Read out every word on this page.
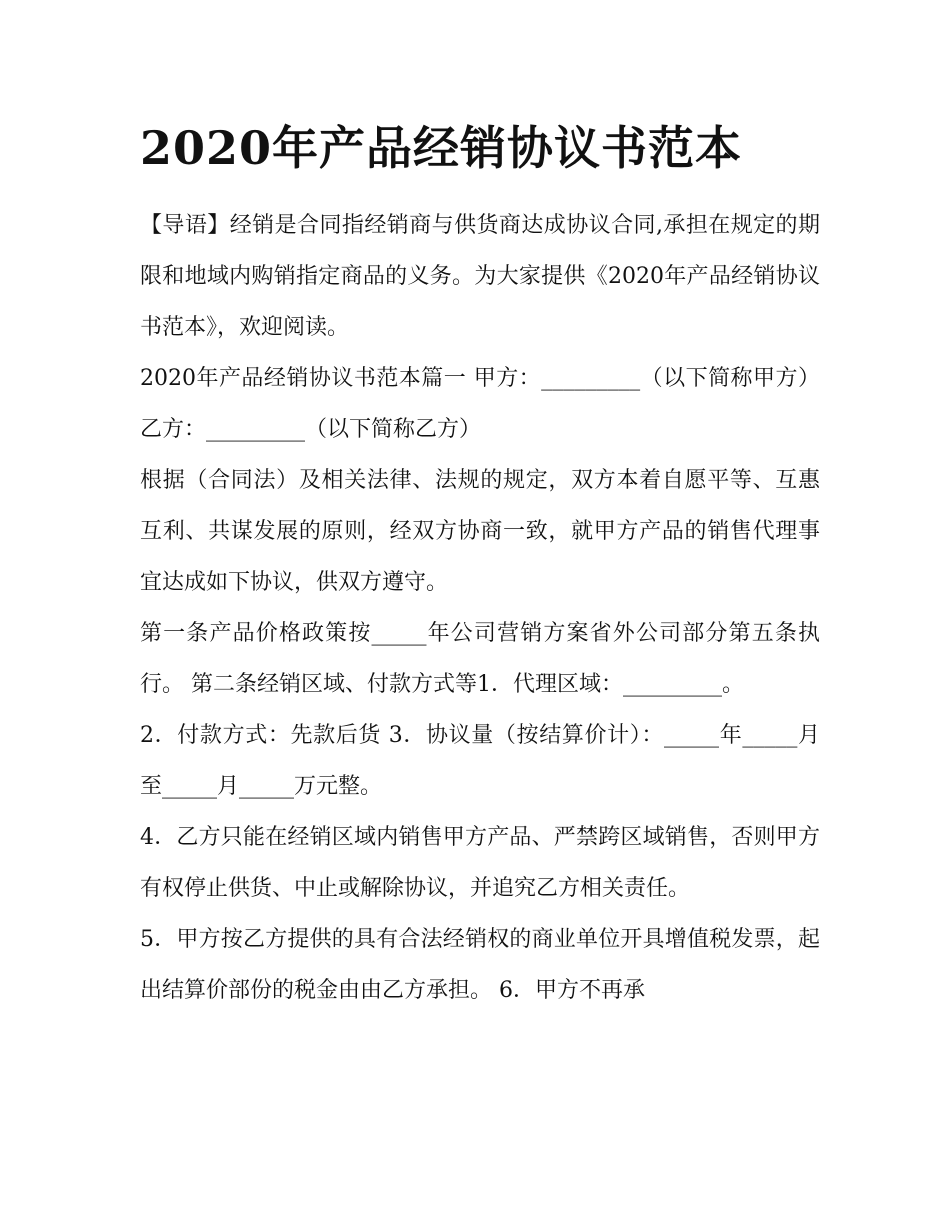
2020年产品经销协议书范本

【导语】经销是合同指经销商与供货商达成协议合同,承担在规定的期限和地域内购销指定商品的义务。为大家提供《2020年产品经销协议书范本》，欢迎阅读。

2020年产品经销协议书范本篇一 甲方：_________（以下简称甲方） 乙方：_________（以下简称乙方）

根据（合同法）及相关法律、法规的规定，双方本着自愿平等、互惠互利、共谋发展的原则，经双方协商一致，就甲方产品的销售代理事宜达成如下协议，供双方遵守。

第一条产品价格政策按_____年公司营销方案省外公司部分第五条执行。 第二条经销区域、付款方式等1．代理区域：_________。

2．付款方式：先款后货 3．协议量（按结算价计）：_____年_____月至_____月_____万元整。

4．乙方只能在经销区域内销售甲方产品、严禁跨区域销售，否则甲方有权停止供货、中止或解除协议，并追究乙方相关责任。

5．甲方按乙方提供的具有合法经销权的商业单位开具增值税发票，起出结算价部份的税金由由乙方承担。 6．甲方不再承
